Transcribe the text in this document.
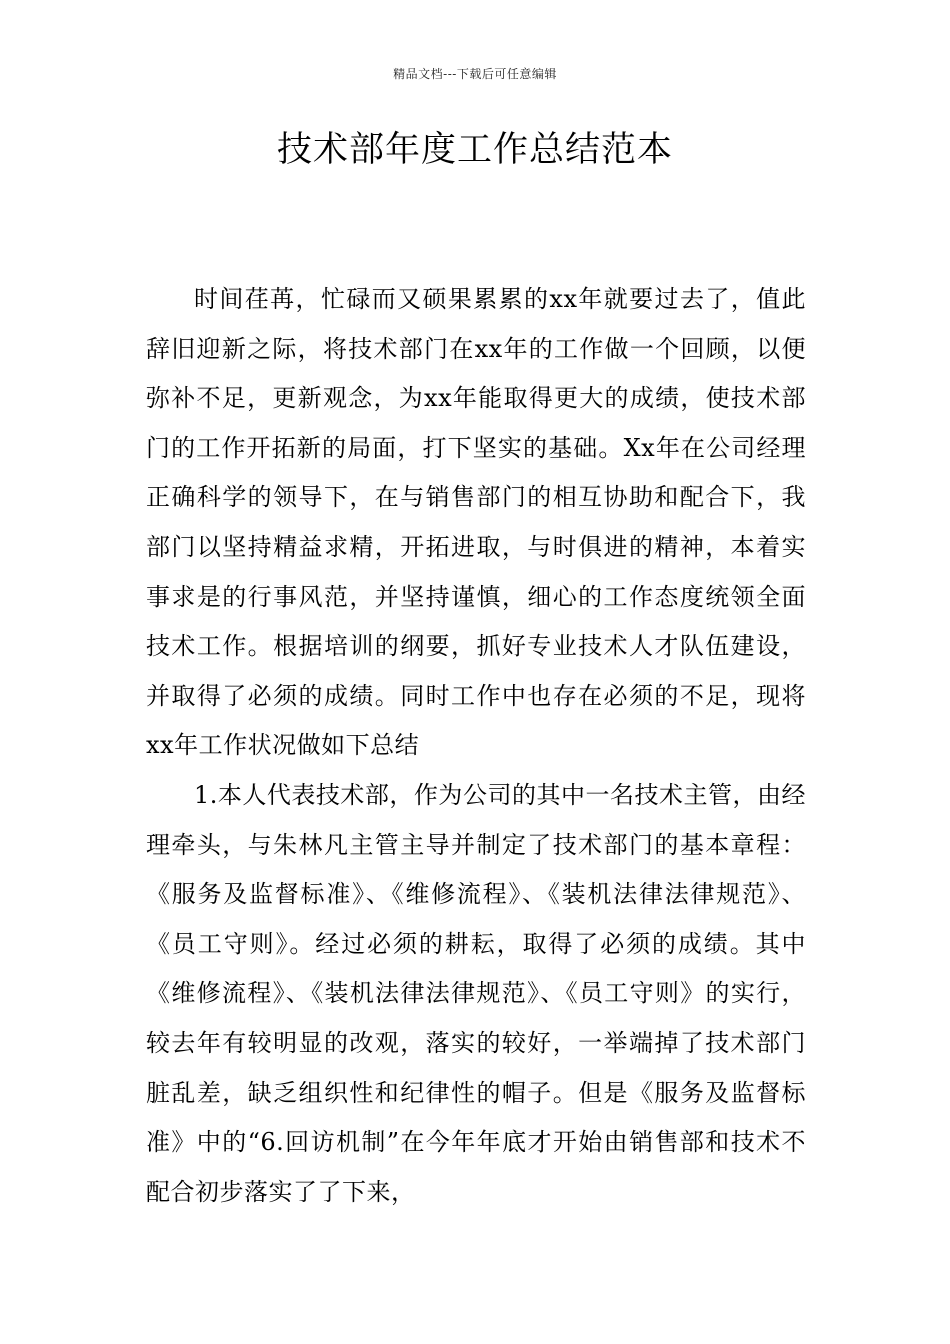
精品文档---下载后可任意编辑
技术部年度工作总结范本

时间荏苒，忙碌而又硕果累累的xx年就要过去了，值此辞旧迎新之际，将技术部门在xx年的工作做一个回顾，以便弥补不足，更新观念，为xx年能取得更大的成绩，使技术部门的工作开拓新的局面，打下坚实的基础。Xx年在公司经理正确科学的领导下，在与销售部门的相互协助和配合下，我部门以坚持精益求精，开拓进取，与时俱进的精神，本着实事求是的行事风范，并坚持谨慎，细心的工作态度统领全面技术工作。根据培训的纲要，抓好专业技术人才队伍建设，并取得了必须的成绩。同时工作中也存在必须的不足，现将xx年工作状况做如下总结

1.本人代表技术部，作为公司的其中一名技术主管，由经理牵头，与朱林凡主管主导并制定了技术部门的基本章程：《服务及监督标准》、《维修流程》、《装机法律法律规范》、《员工守则》。经过必须的耕耘，取得了必须的成绩。其中《维修流程》、《装机法律法律规范》、《员工守则》的实行，较去年有较明显的改观，落实的较好，一举端掉了技术部门脏乱差，缺乏组织性和纪律性的帽子。但是《服务及监督标准》中的“6.回访机制”在今年年底才开始由销售部和技术不配合初步落实了了下来，
